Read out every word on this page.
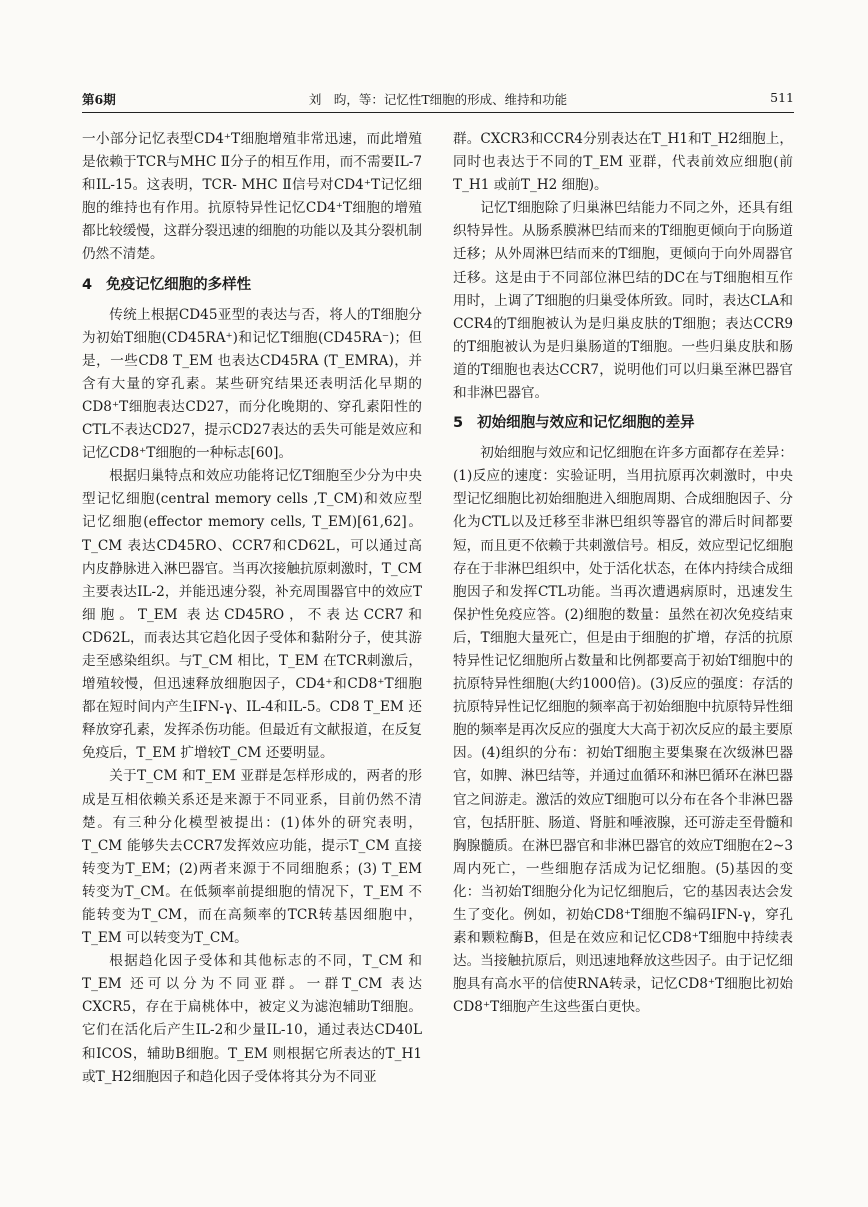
第6期	刘　昀，等：记忆性T细胞的形成、维持和功能	511

一小部分记忆表型CD4⁺T细胞增殖非常迅速，而此增殖是依赖于TCR与MHC Ⅱ分子的相互作用，而不需要IL-7和IL-15。这表明，TCR- MHC Ⅱ信号对CD4⁺T记忆细胞的维持也有作用。抗原特异性记忆CD4⁺T细胞的增殖都比较缓慢，这群分裂迅速的细胞的功能以及其分裂机制仍然不清楚。

4 免疫记忆细胞的多样性

传统上根据CD45亚型的表达与否，将人的T细胞分为初始T细胞(CD45RA⁺)和记忆T细胞(CD45RA⁻)；但是，一些CD8 T_EM 也表达CD45RA (T_EMRA)，并含有大量的穿孔素。某些研究结果还表明活化早期的CD8⁺T细胞表达CD27，而分化晚期的、穿孔素阳性的CTL不表达CD27，提示CD27表达的丢失可能是效应和记忆CD8⁺T细胞的一种标志[60]。

根据归巢特点和效应功能将记忆T细胞至少分为中央型记忆细胞(central memory cells ,T_CM)和效应型记忆细胞(effector memory cells, T_EM)[61,62]。T_CM 表达CD45RO、CCR7和CD62L，可以通过高内皮静脉进入淋巴器官。当再次接触抗原刺激时，T_CM 主要表达IL-2，并能迅速分裂，补充周围器官中的效应T细胞。T_EM 表达CD45RO，不表达CCR7和CD62L，而表达其它趋化因子受体和黏附分子，使其游走至感染组织。与T_CM 相比，T_EM 在TCR刺激后，增殖较慢，但迅速释放细胞因子，CD4⁺和CD8⁺T细胞都在短时间内产生IFN-γ、IL-4和IL-5。CD8 T_EM 还释放穿孔素，发挥杀伤功能。但最近有文献报道，在反复免疫后，T_EM 扩增较T_CM 还要明显。

关于T_CM 和T_EM 亚群是怎样形成的，两者的形成是互相依赖关系还是来源于不同亚系，目前仍然不清楚。有三种分化模型被提出：(1)体外的研究表明，T_CM 能够失去CCR7发挥效应功能，提示T_CM 直接转变为T_EM；(2)两者来源于不同细胞系；(3) T_EM 转变为T_CM。在低频率前提细胞的情况下，T_EM 不能转变为T_CM，而在高频率的TCR转基因细胞中，T_EM 可以转变为T_CM。

根据趋化因子受体和其他标志的不同，T_CM 和T_EM 还可以分为不同亚群。一群T_CM 表达CXCR5，存在于扁桃体中，被定义为滤泡辅助T细胞。它们在活化后产生IL-2和少量IL-10，通过表达CD40L和ICOS，辅助B细胞。T_EM 则根据它所表达的T_H1或T_H2细胞因子和趋化因子受体将其分为不同亚

群。CXCR3和CCR4分别表达在T_H1和T_H2细胞上，同时也表达于不同的T_EM 亚群，代表前效应细胞(前T_H1 或前T_H2 细胞)。

记忆T细胞除了归巢淋巴结能力不同之外，还具有组织特异性。从肠系膜淋巴结而来的T细胞更倾向于向肠道迁移；从外周淋巴结而来的T细胞，更倾向于向外周器官迁移。这是由于不同部位淋巴结的DC在与T细胞相互作用时，上调了T细胞的归巢受体所致。同时，表达CLA和CCR4的T细胞被认为是归巢皮肤的T细胞；表达CCR9的T细胞被认为是归巢肠道的T细胞。一些归巢皮肤和肠道的T细胞也表达CCR7，说明他们可以归巢至淋巴器官和非淋巴器官。

5 初始细胞与效应和记忆细胞的差异

初始细胞与效应和记忆细胞在许多方面都存在差异：(1)反应的速度：实验证明，当用抗原再次刺激时，中央型记忆细胞比初始细胞进入细胞周期、合成细胞因子、分化为CTL以及迁移至非淋巴组织等器官的滞后时间都要短，而且更不依赖于共刺激信号。相反，效应型记忆细胞存在于非淋巴组织中，处于活化状态，在体内持续合成细胞因子和发挥CTL功能。当再次遭遇病原时，迅速发生保护性免疫应答。(2)细胞的数量：虽然在初次免疫结束后，T细胞大量死亡，但是由于细胞的扩增，存活的抗原特异性记忆细胞所占数量和比例都要高于初始T细胞中的抗原特异性细胞(大约1000倍)。(3)反应的强度：存活的抗原特异性记忆细胞的频率高于初始细胞中抗原特异性细胞的频率是再次反应的强度大大高于初次反应的最主要原因。(4)组织的分布：初始T细胞主要集聚在次级淋巴器官，如脾、淋巴结等，并通过血循环和淋巴循环在淋巴器官之间游走。激活的效应T细胞可以分布在各个非淋巴器官，包括肝脏、肠道、肾脏和唾液腺，还可游走至骨髓和胸腺髓质。在淋巴器官和非淋巴器官的效应T细胞在2~3周内死亡，一些细胞存活成为记忆细胞。(5)基因的变化：当初始T细胞分化为记忆细胞后，它的基因表达会发生了变化。例如，初始CD8⁺T细胞不编码IFN-γ，穿孔素和颗粒酶B，但是在效应和记忆CD8⁺T细胞中持续表达。当接触抗原后，则迅速地释放这些因子。由于记忆细胞具有高水平的信使RNA转录，记忆CD8⁺T细胞比初始CD8⁺T细胞产生这些蛋白更快。
